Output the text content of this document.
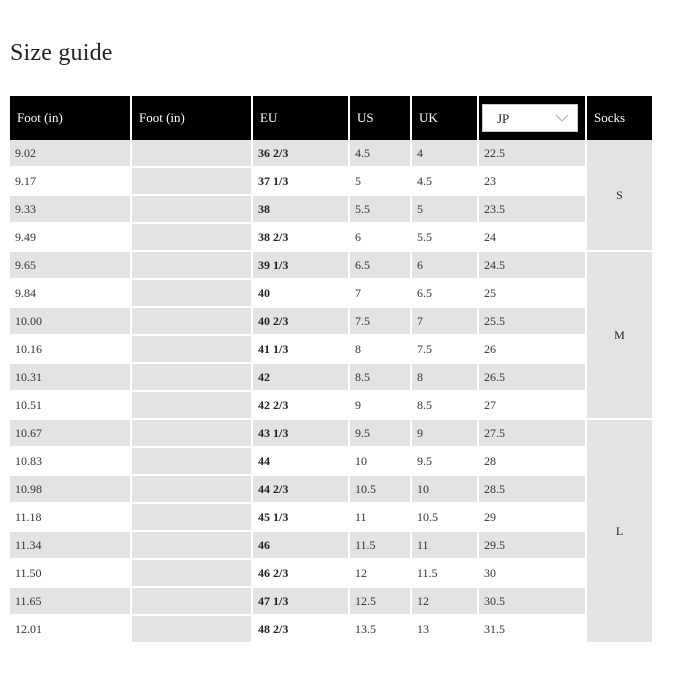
Size guide
Foot (in)	Foot (in)	EU	US	UK	JP	Socks
9.02		36 2/3	4.5	4	22.5	S
9.17		37 1/3	5	4.5	23	
9.33		38	5.5	5	23.5	
9.49		38 2/3	6	5.5	24	
9.65		39 1/3	6.5	6	24.5	M
9.84		40	7	6.5	25	
10.00		40 2/3	7.5	7	25.5	
10.16		41 1/3	8	7.5	26	
10.31		42	8.5	8	26.5	
10.51		42 2/3	9	8.5	27	
10.67		43 1/3	9.5	9	27.5	L
10.83		44	10	9.5	28	
10.98		44 2/3	10.5	10	28.5	
11.18		45 1/3	11	10.5	29	
11.34		46	11.5	11	29.5	
11.50		46 2/3	12	11.5	30	
11.65		47 1/3	12.5	12	30.5	
12.01		48 2/3	13.5	13	31.5	
